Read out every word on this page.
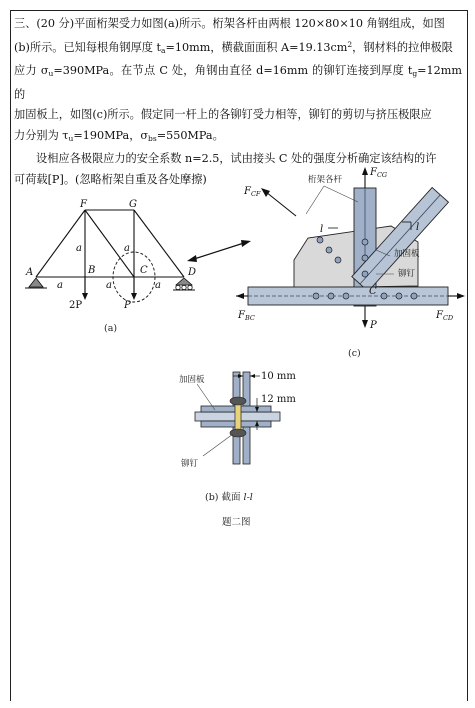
三、(20 分)平面桁架受力如图(a)所示。桁架各杆由两根 120×80×10 角钢组成，如图

(b)所示。已知每根角钢厚度 $t_a=10mm$，横截面面积 $A=19.13cm^2$，钢材料的拉伸极限

应力 $\sigma_u=390MPa$。在节点 C 处，角钢由直径 d=16mm 的铆钉连接到厚度 $t_g=12mm$ 的

加固板上，如图(c)所示。假定同一杆上的各铆钉受力相等，铆钉的剪切与挤压极限应

力分别为 $\tau_u=190MPa$，$\sigma_{bs}=550MPa$。

设相应各极限应力的安全系数 n=2.5，试由接头 C 处的强度分析确定该结构的许

可荷载[P]。(忽略桁架自重及各处摩擦)

A	B	C	D
F	G
a	a
a	a	a
2P	P
(a)
l
l
桁架各杆
加固板
铆钉
$F_{CG}$
$F_{CF}$
$F_{BC}$	$F_{CD}$
P
C
(c)
10 mm
12 mm
加固板
铆钉
(b) 截面 l-l
题二图
